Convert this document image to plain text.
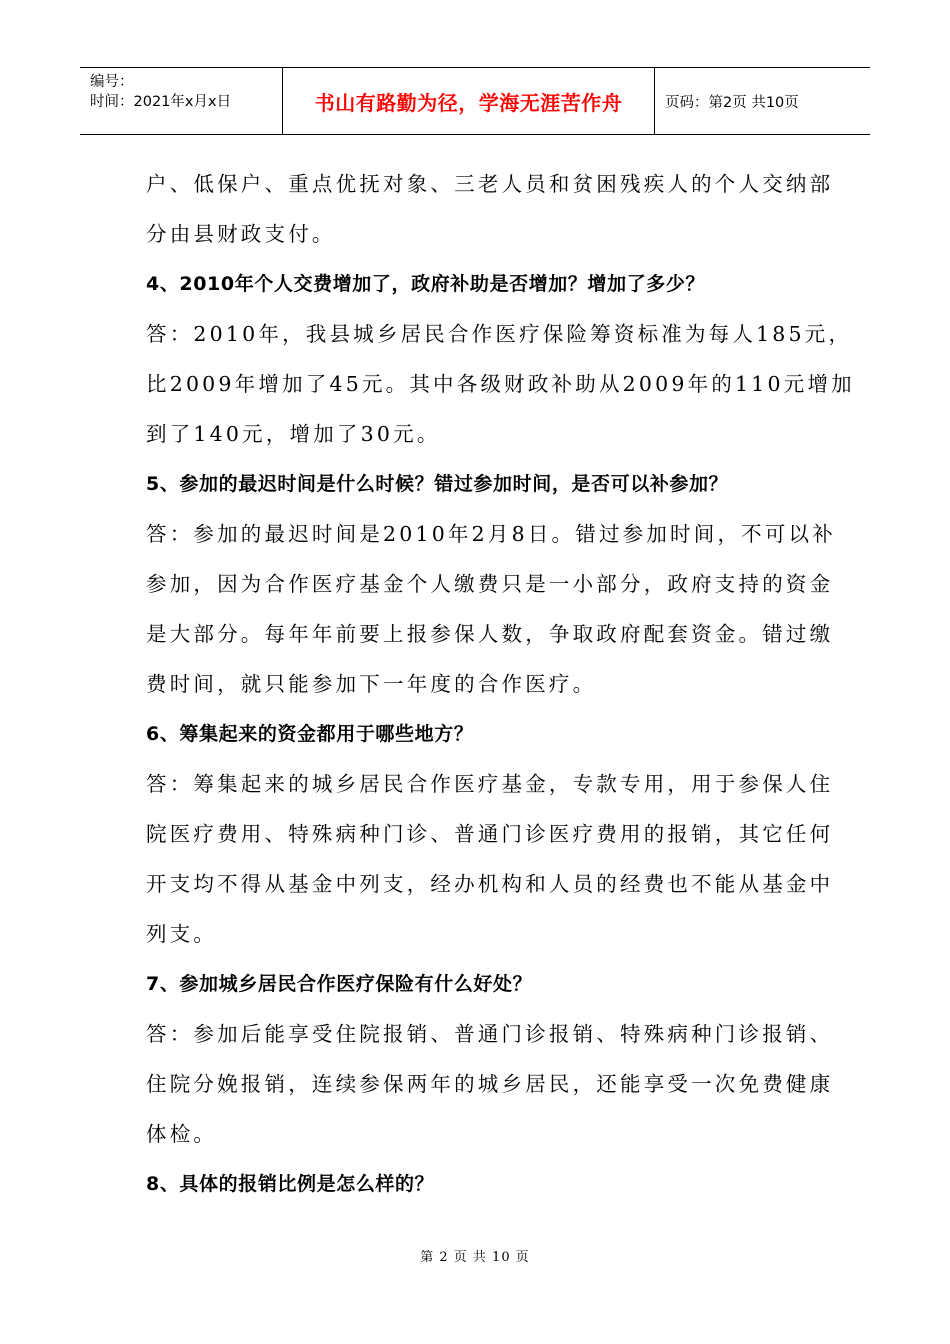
编号：
时间：2021年x月x日	书山有路勤为径，学海无涯苦作舟	页码：第2页 共10页
户、低保户、重点优抚对象、三老人员和贫困残疾人的个人交纳部
分由县财政支付。
4、2010年个人交费增加了，政府补助是否增加？增加了多少？
答：2010年，我县城乡居民合作医疗保险筹资标准为每人185元，
比2009年增加了45元。其中各级财政补助从2009年的110元增加
到了140元，增加了30元。
5、参加的最迟时间是什么时候？错过参加时间，是否可以补参加？
答：参加的最迟时间是2010年2月8日。错过参加时间，不可以补
参加，因为合作医疗基金个人缴费只是一小部分，政府支持的资金
是大部分。每年年前要上报参保人数，争取政府配套资金。错过缴
费时间，就只能参加下一年度的合作医疗。
6、筹集起来的资金都用于哪些地方？
答：筹集起来的城乡居民合作医疗基金，专款专用，用于参保人住
院医疗费用、特殊病种门诊、普通门诊医疗费用的报销，其它任何
开支均不得从基金中列支，经办机构和人员的经费也不能从基金中
列支。
7、参加城乡居民合作医疗保险有什么好处？
答：参加后能享受住院报销、普通门诊报销、特殊病种门诊报销、
住院分娩报销，连续参保两年的城乡居民，还能享受一次免费健康
体检。
8、具体的报销比例是怎么样的？
第 2 页 共 10 页
